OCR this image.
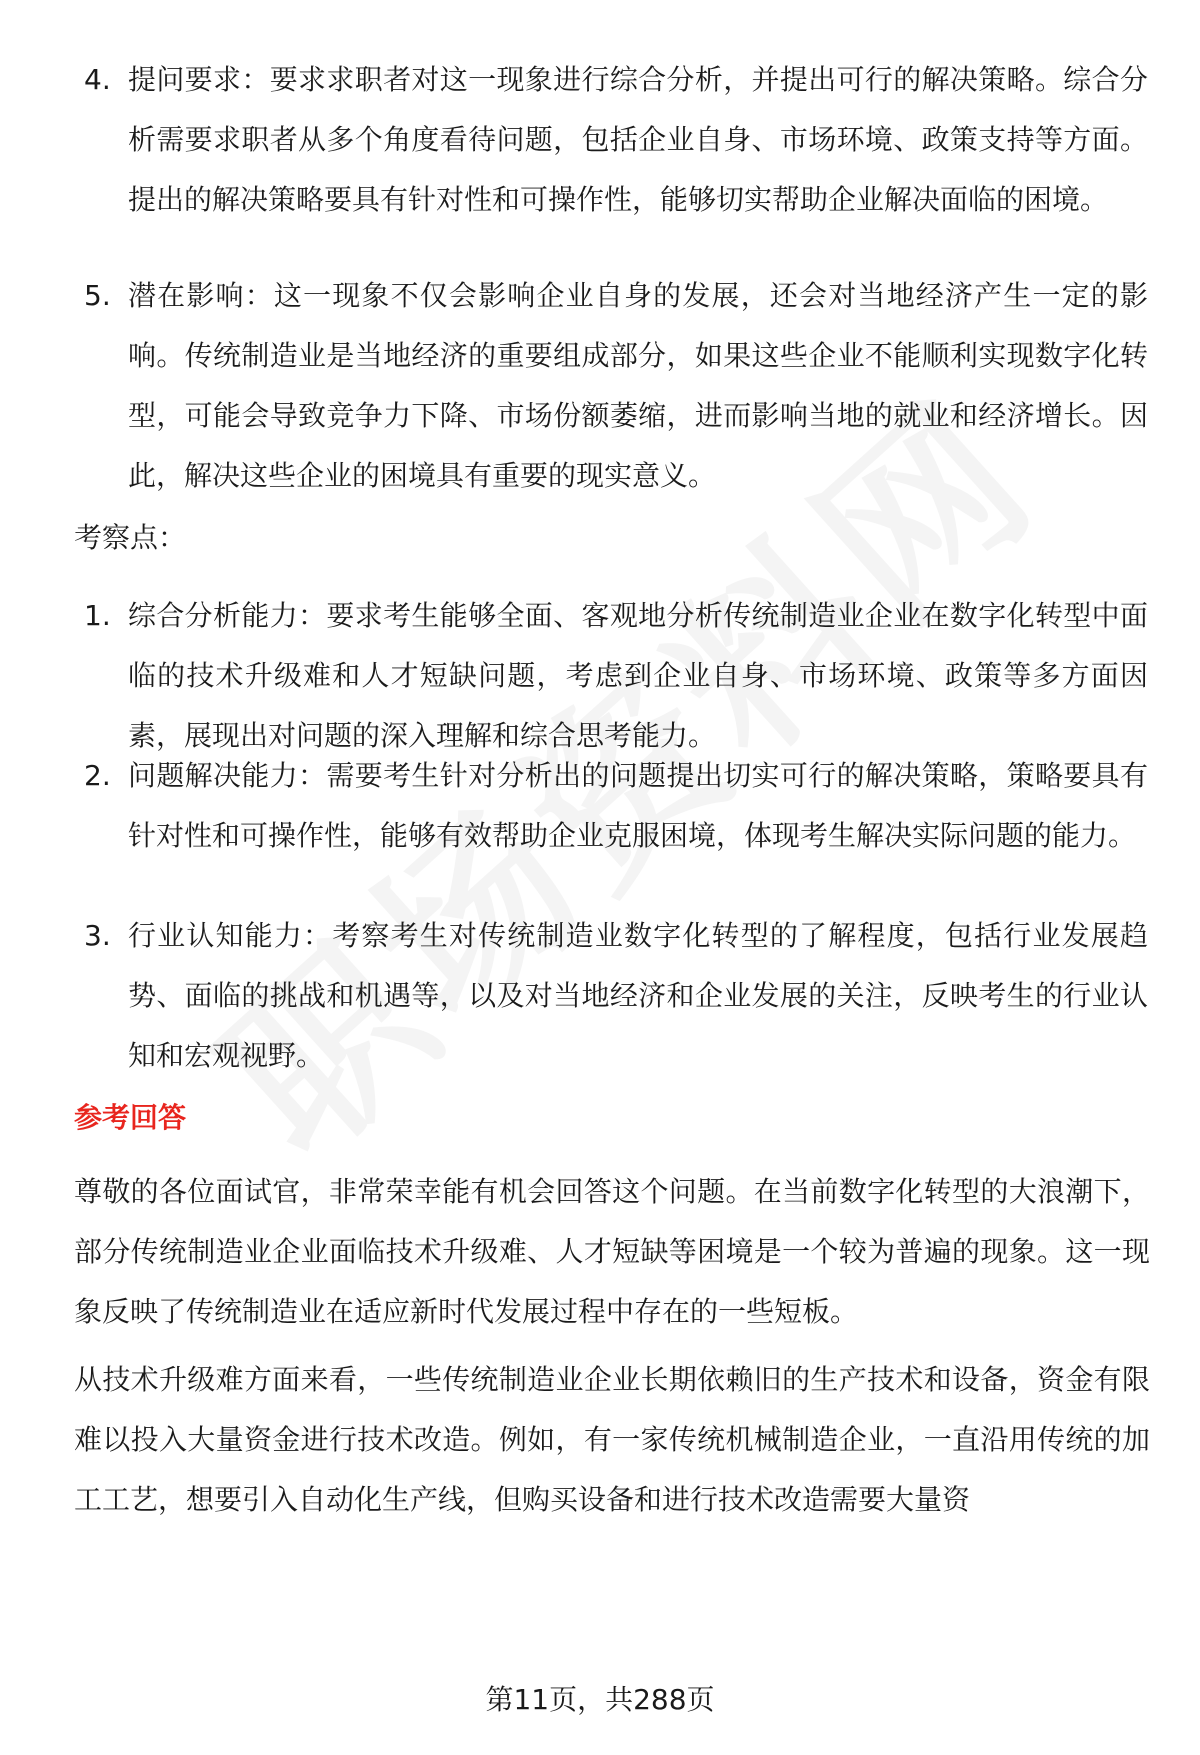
4. 提问要求：要求求职者对这一现象进行综合分析，并提出可行的解决策略。综合分析需要求职者从多个角度看待问题，包括企业自身、市场环境、政策支持等方面。提出的解决策略要具有针对性和可操作性，能够切实帮助企业解决面临的困境。
5. 潜在影响：这一现象不仅会影响企业自身的发展，还会对当地经济产生一定的影响。传统制造业是当地经济的重要组成部分，如果这些企业不能顺利实现数字化转型，可能会导致竞争力下降、市场份额萎缩，进而影响当地的就业和经济增长。因此，解决这些企业的困境具有重要的现实意义。
考察点：
1. 综合分析能力：要求考生能够全面、客观地分析传统制造业企业在数字化转型中面临的技术升级难和人才短缺问题，考虑到企业自身、市场环境、政策等多方面因素，展现出对问题的深入理解和综合思考能力。
2. 问题解决能力：需要考生针对分析出的问题提出切实可行的解决策略，策略要具有针对性和可操作性，能够有效帮助企业克服困境，体现考生解决实际问题的能力。
3. 行业认知能力：考察考生对传统制造业数字化转型的了解程度，包括行业发展趋势、面临的挑战和机遇等，以及对当地经济和企业发展的关注，反映考生的行业认知和宏观视野。
参考回答

尊敬的各位面试官，非常荣幸能有机会回答这个问题。在当前数字化转型的大浪潮下，部分传统制造业企业面临技术升级难、人才短缺等困境是一个较为普遍的现象。这一现象反映了传统制造业在适应新时代发展过程中存在的一些短板。

从技术升级难方面来看，一些传统制造业企业长期依赖旧的生产技术和设备，资金有限难以投入大量资金进行技术改造。例如，有一家传统机械制造企业，一直沿用传统的加工工艺，想要引入自动化生产线，但购买设备和进行技术改造需要大量资

第11页，共288页
